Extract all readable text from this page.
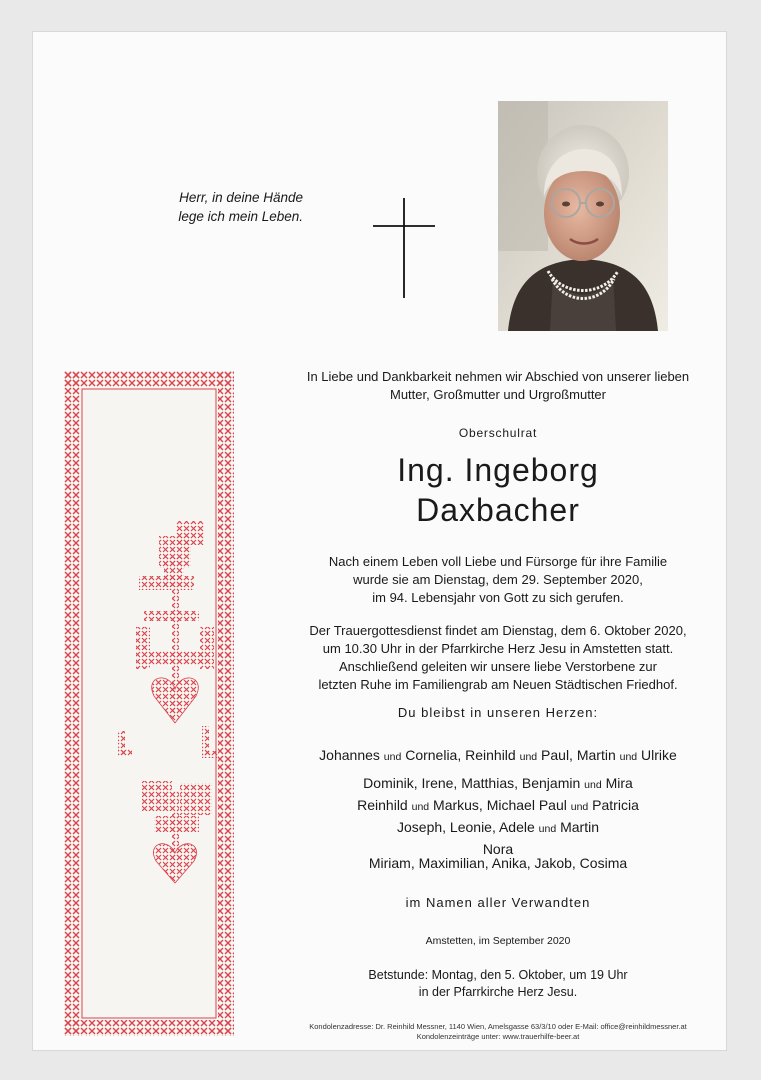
Herr, in deine Hände
lege ich mein Leben.
In Liebe und Dankbarkeit nehmen wir Abschied von unserer lieben
Mutter, Großmutter und Urgroßmutter
Oberschulrat
Ing. Ingeborg
Daxbacher
Nach einem Leben voll Liebe und Fürsorge für ihre Familie
wurde sie am Dienstag, dem 29. September 2020,
im 94. Lebensjahr von Gott zu sich gerufen.
Der Trauergottesdienst findet am Dienstag, dem 6. Oktober 2020,
um 10.30 Uhr in der Pfarrkirche Herz Jesu in Amstetten statt.
Anschließend geleiten wir unsere liebe Verstorbene zur
letzten Ruhe im Familiengrab am Neuen Städtischen Friedhof.
Du bleibst in unseren Herzen:
Johannes und Cornelia, Reinhild und Paul, Martin und Ulrike
Dominik, Irene, Matthias, Benjamin und Mira
Reinhild und Markus, Michael Paul und Patricia
Joseph, Leonie, Adele und Martin
Nora
Miriam, Maximilian, Anika, Jakob, Cosima
im Namen aller Verwandten
Amstetten, im September 2020
Betstunde: Montag, den 5. Oktober, um 19 Uhr
in der Pfarrkirche Herz Jesu.
Kondolenzadresse: Dr. Reinhild Messner, 1140 Wien, Amelsgasse 63/3/10 oder E-Mail: office@reinhildmessner.at
Kondolenzeinträge unter: www.trauerhilfe-beer.at
